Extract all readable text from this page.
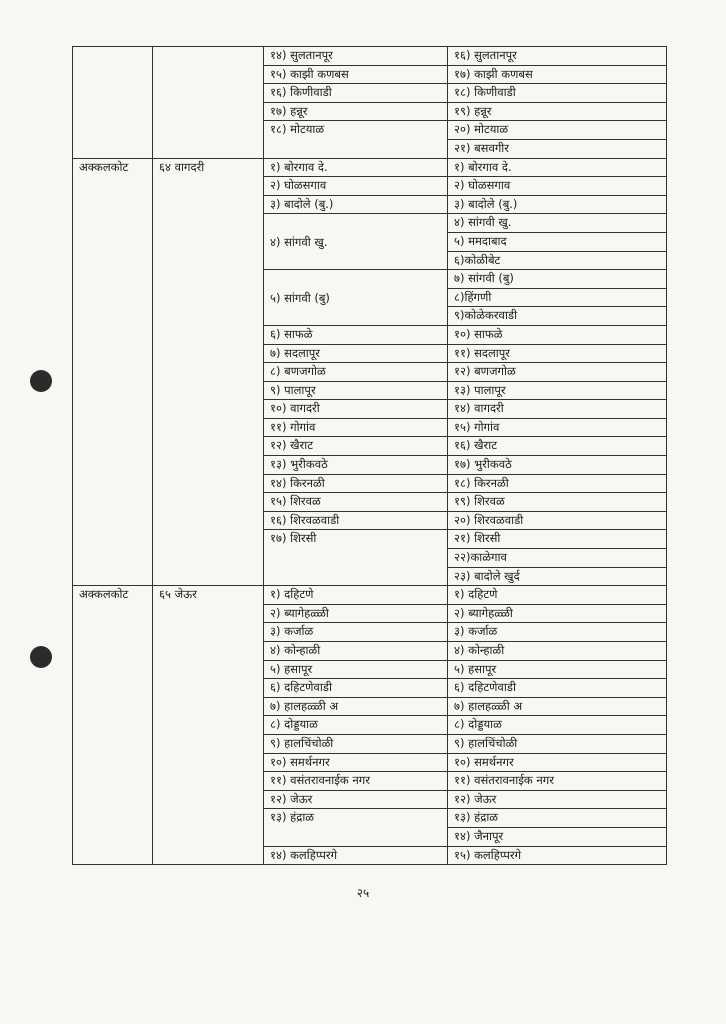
		१४) सुलतानपूर	१६) सुलतानपूर
		१५) काझी कणबस	१७) काझी कणबस
		१६) किणीवाडी	१८) किणीवाडी
		१७) हन्नूर	१९) हन्नूर
		१८) मोटयाळ	२०) मोटयाळ
			२१) बसवगीर
अक्कलकोट	६४ वागदरी	१) बोरगाव दे.	१) बोरगाव दे.
		२) घोळसगाव	२) घोळसगाव
		३) बादोले (बु.)	३) बादोले (बु.)
		४) सांगवी खु.	४) सांगवी खु.
			५) ममदाबाद
			६)कोळीबेट
		५) सांगवी (बु)	७) सांगवी (बु)
			८)हिंगणी
			९)कोळेकरवाडी
		६) साफळे	१०) साफळे
		७) सदलापूर	११) सदलापूर
		८) बणजगोळ	१२) बणजगोळ
		९) पालापूर	१३) पालापूर
		१०) वागदरी	१४) वागदरी
		११) गोगांव	१५) गोगांव
		१२) खैराट	१६) खैराट
		१३) भुरीकवठे	१७) भुरीकवठे
		१४) किरनळी	१८) किरनळी
		१५) शिरवळ	१९) शिरवळ
		१६) शिरवळवाडी	२०) शिरवळवाडी
		१७) शिरसी	२१) शिरसी
			२२)काळेगाव
			२३) बादोले खुर्द
अक्कलकोट	६५ जेऊर	१) दहिटणे	१) दहिटणे
		२) ब्यागेहळ्ळी	२) ब्यागेहळ्ळी
		३) कर्जाळ	३) कर्जाळ
		४) कोन्हाळी	४) कोन्हाळी
		५) हसापूर	५) हसापूर
		६) दहिटणेवाडी	६) दहिटणेवाडी
		७) हालहळ्ळी अ	७) हालहळ्ळी अ
		८) दोड्डयाळ	८) दोड्डयाळ
		९) हालचिंचोळी	९) हालचिंचोळी
		१०) समर्थनगर	१०) समर्थनगर
		११) वसंतरावनाईक नगर	११) वसंतरावनाईक नगर
		१२) जेऊर	१२) जेऊर
		१३) हंद्राळ	१३) हंद्राळ
			१४) जैनापूर
		१४) कलहिप्परगे	१५) कलहिप्परगे
२५
